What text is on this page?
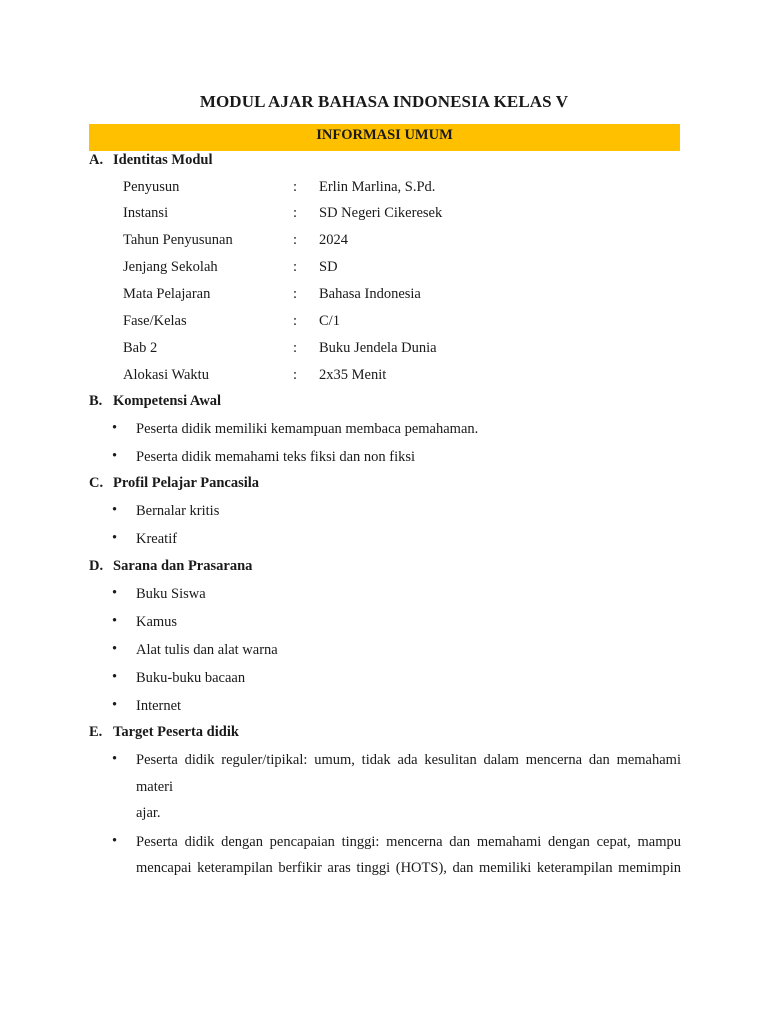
MODUL AJAR BAHASA INDONESIA KELAS V
INFORMASI UMUM
A. Identitas Modul
Penyusun	: Erlin Marlina, S.Pd.
Instansi	: SD Negeri Cikeresek
Tahun Penyusunan	: 2024
Jenjang Sekolah	: SD
Mata Pelajaran	: Bahasa Indonesia
Fase/Kelas	: C/1
Bab 2	: Buku Jendela Dunia
Alokasi Waktu	: 2x35 Menit
B. Kompetensi Awal
• Peserta didik memiliki kemampuan membaca pemahaman.
• Peserta didik memahami teks fiksi dan non fiksi
C. Profil Pelajar Pancasila
• Bernalar kritis
• Kreatif
D. Sarana dan Prasarana
• Buku Siswa
• Kamus
• Alat tulis dan alat warna
• Buku-buku bacaan
• Internet
E. Target Peserta didik
• Peserta didik reguler/tipikal: umum, tidak ada kesulitan dalam mencerna dan memahami
materi
ajar.
• Peserta didik dengan pencapaian tinggi: mencerna dan memahami dengan cepat, mampu
mencapai keterampilan berfikir aras tinggi (HOTS), dan memiliki keterampilan memimpin
